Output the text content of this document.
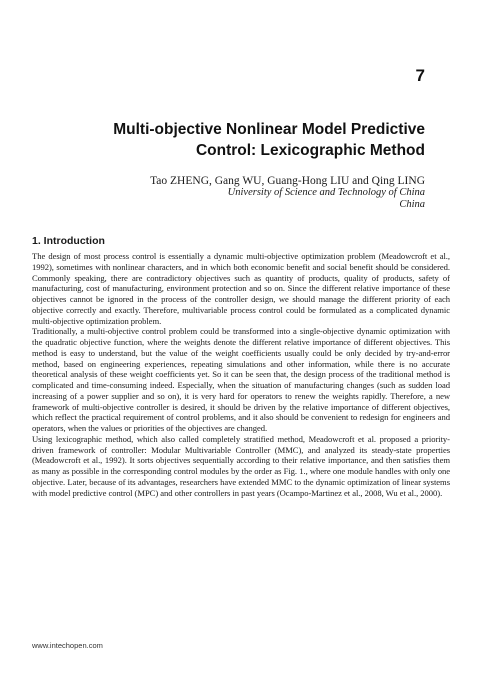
7
Multi-objective Nonlinear Model Predictive
Control: Lexicographic Method
Tao ZHENG, Gang WU, Guang-Hong LIU and Qing LING
University of Science and Technology of China
China
1. Introduction

The design of most process control is essentially a dynamic multi-objective optimization problem (Meadowcroft et al., 1992), sometimes with nonlinear characters, and in which both economic benefit and social benefit should be considered. Commonly speaking, there are contradictory objectives such as quantity of products, quality of products, safety of manufacturing, cost of manufacturing, environment protection and so on. Since the different relative importance of these objectives cannot be ignored in the process of the controller design, we should manage the different priority of each objective correctly and exactly. Therefore, multivariable process control could be formulated as a complicated dynamic multi-objective optimization problem.

Traditionally, a multi-objective control problem could be transformed into a single-objective dynamic optimization with the quadratic objective function, where the weights denote the different relative importance of different objectives. This method is easy to understand, but the value of the weight coefficients usually could be only decided by try-and-error method, based on engineering experiences, repeating simulations and other information, while there is no accurate theoretical analysis of these weight coefficients yet. So it can be seen that, the design process of the traditional method is complicated and time-consuming indeed. Especially, when the situation of manufacturing changes (such as sudden load increasing of a power supplier and so on), it is very hard for operators to renew the weights rapidly. Therefore, a new framework of multi-objective controller is desired, it should be driven by the relative importance of different objectives, which reflect the practical requirement of control problems, and it also should be convenient to redesign for engineers and operators, when the values or priorities of the objectives are changed.

Using lexicographic method, which also called completely stratified method, Meadowcroft et al. proposed a priority-driven framework of controller: Modular Multivariable Controller (MMC), and analyzed its steady-state properties (Meadowcroft et al., 1992). It sorts objectives sequentially according to their relative importance, and then satisfies them as many as possible in the corresponding control modules by the order as Fig. 1., where one module handles with only one objective. Later, because of its advantages, researchers have extended MMC to the dynamic optimization of linear systems with model predictive control (MPC) and other controllers in past years (Ocampo-Martinez et al., 2008, Wu et al., 2000).

www.intechopen.com
